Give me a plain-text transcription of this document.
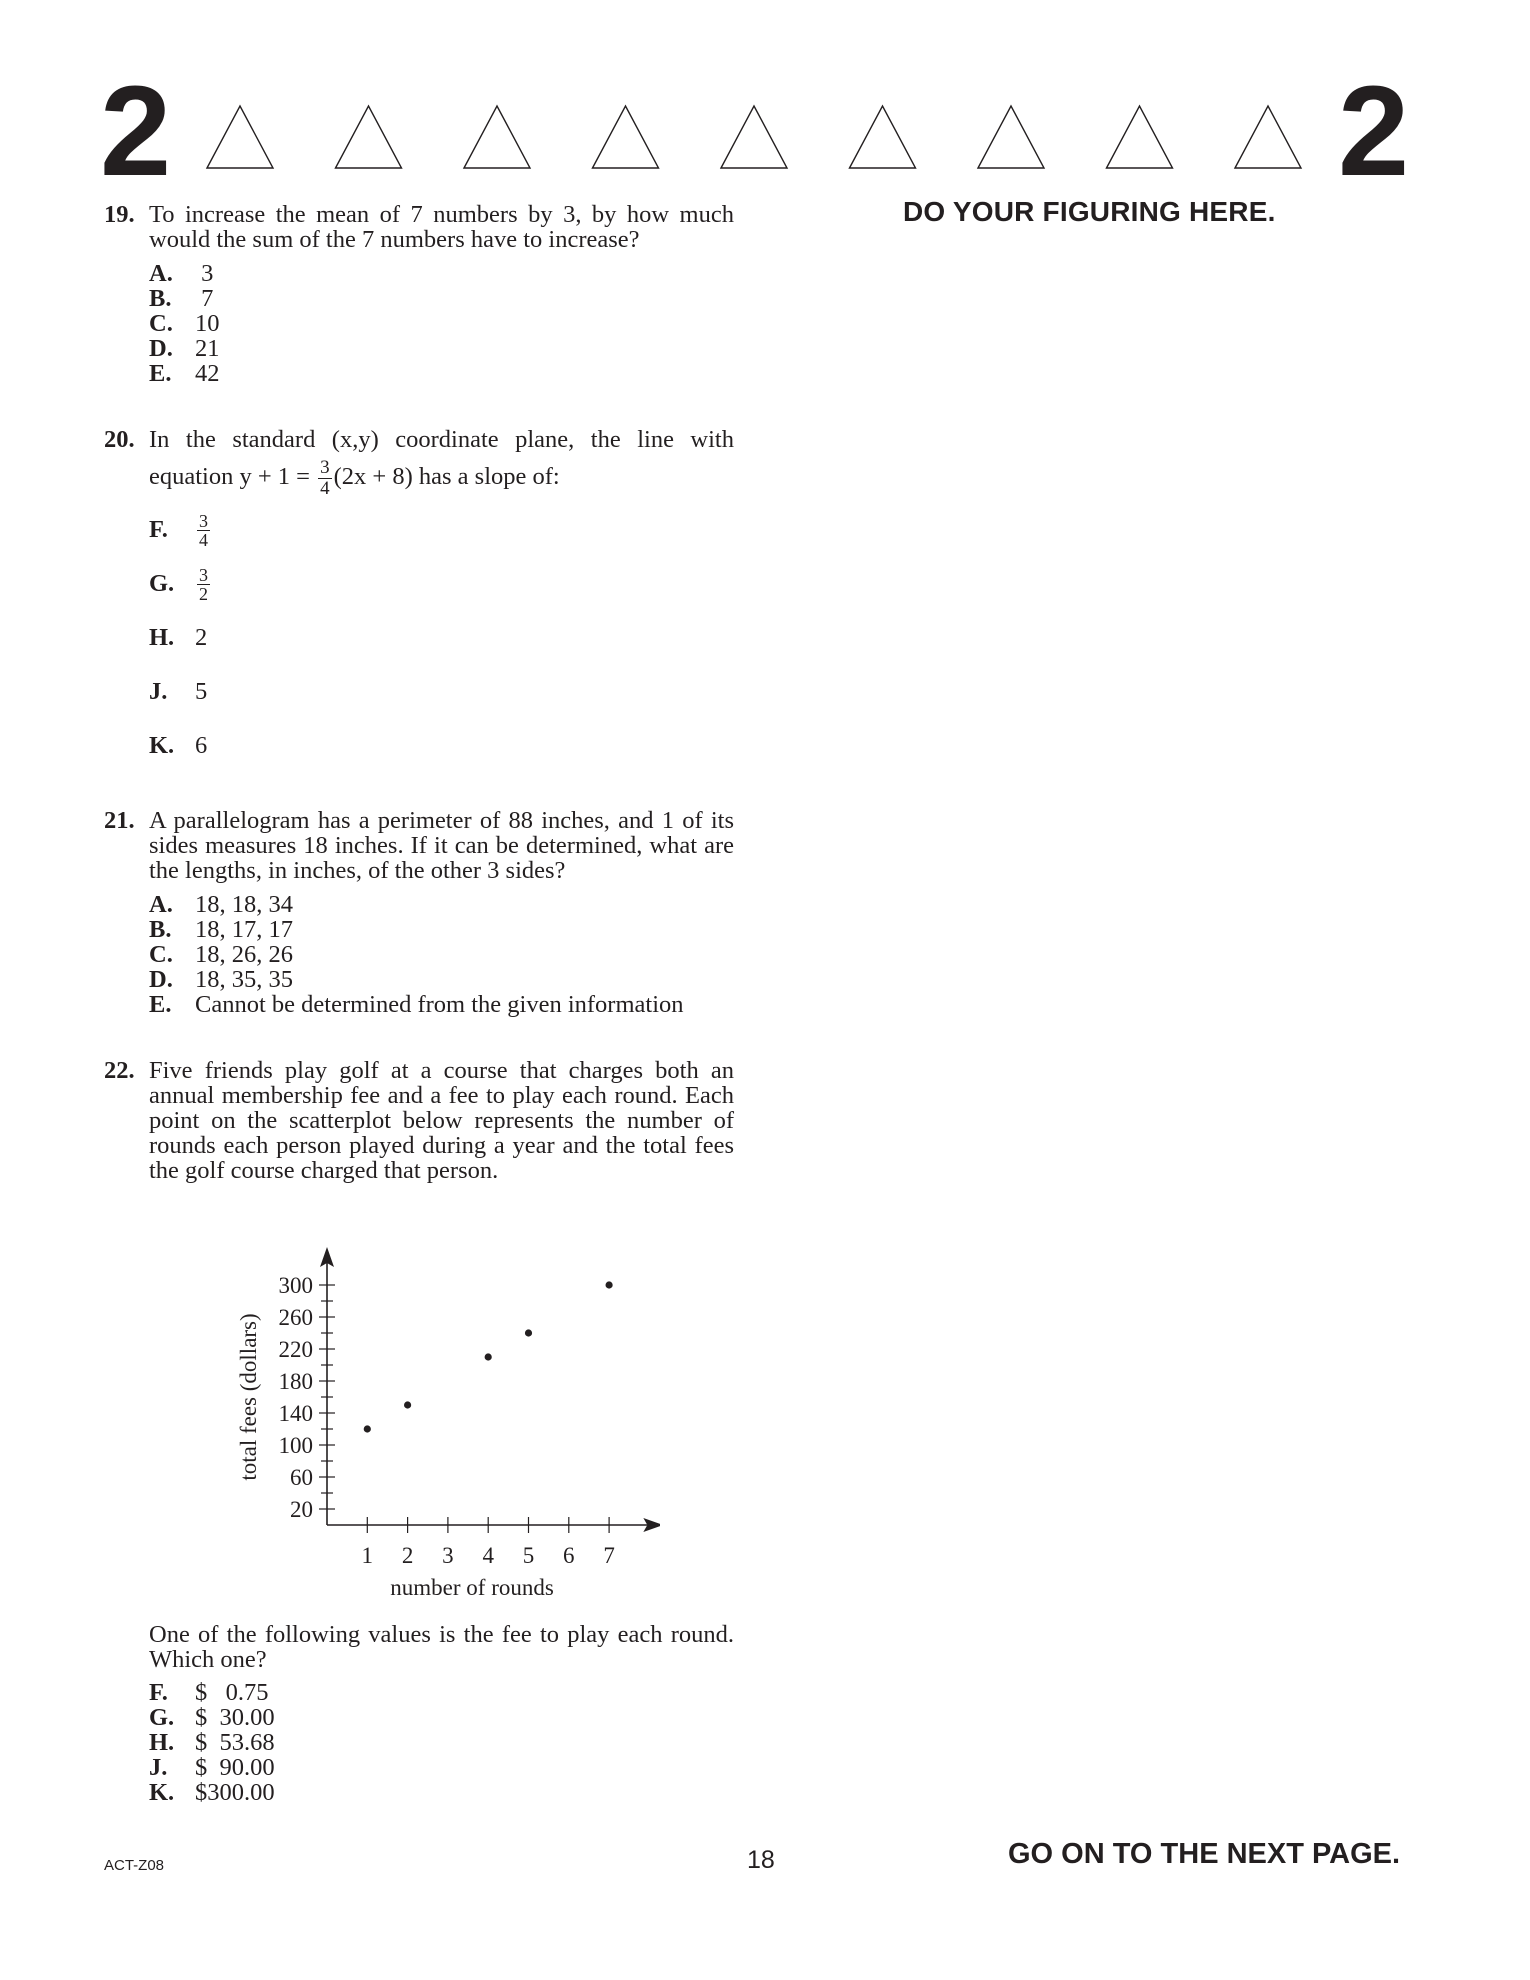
2	2
DO YOUR FIGURING HERE.
19. To increase the mean of 7 numbers by 3, by how much would the sum of the 7 numbers have to increase?
A. 3
B. 7
C. 10
D. 21
E. 42
20. In the standard (x,y) coordinate plane, the line with
equation $y + 1 = \frac{3}{4} (2x + 8)$ has a slope of:
F.	$\frac{3}{4}$
G.	$\frac{3}{2}$
H. 2
J.	5
K. 6
21. A parallelogram has a perimeter of 88 inches, and 1 of its sides measures 18 inches. If it can be determined, what are the lengths, in inches, of the other 3 sides?
A. 18, 18, 34
B. 18, 17, 17
C. 18, 26, 26
D. 18, 35, 35
E. Cannot be determined from the given information
22. Five friends play golf at a course that charges both an annual membership fee and a fee to play each round. Each point on the scatterplot below represents the number of rounds each person played during a year and the total fees the golf course charged that person.
20
60
100
140
180
220
260
300
1 2 3 4 5 6 7
number of rounds
total fees (dollars)
One of the following values is the fee to play each round. Which one?
F.	$   0.75
G. $  30.00
H. $  53.68
J.	$  90.00
K. $300.00
ACT-Z08	18	GO ON TO THE NEXT PAGE.
